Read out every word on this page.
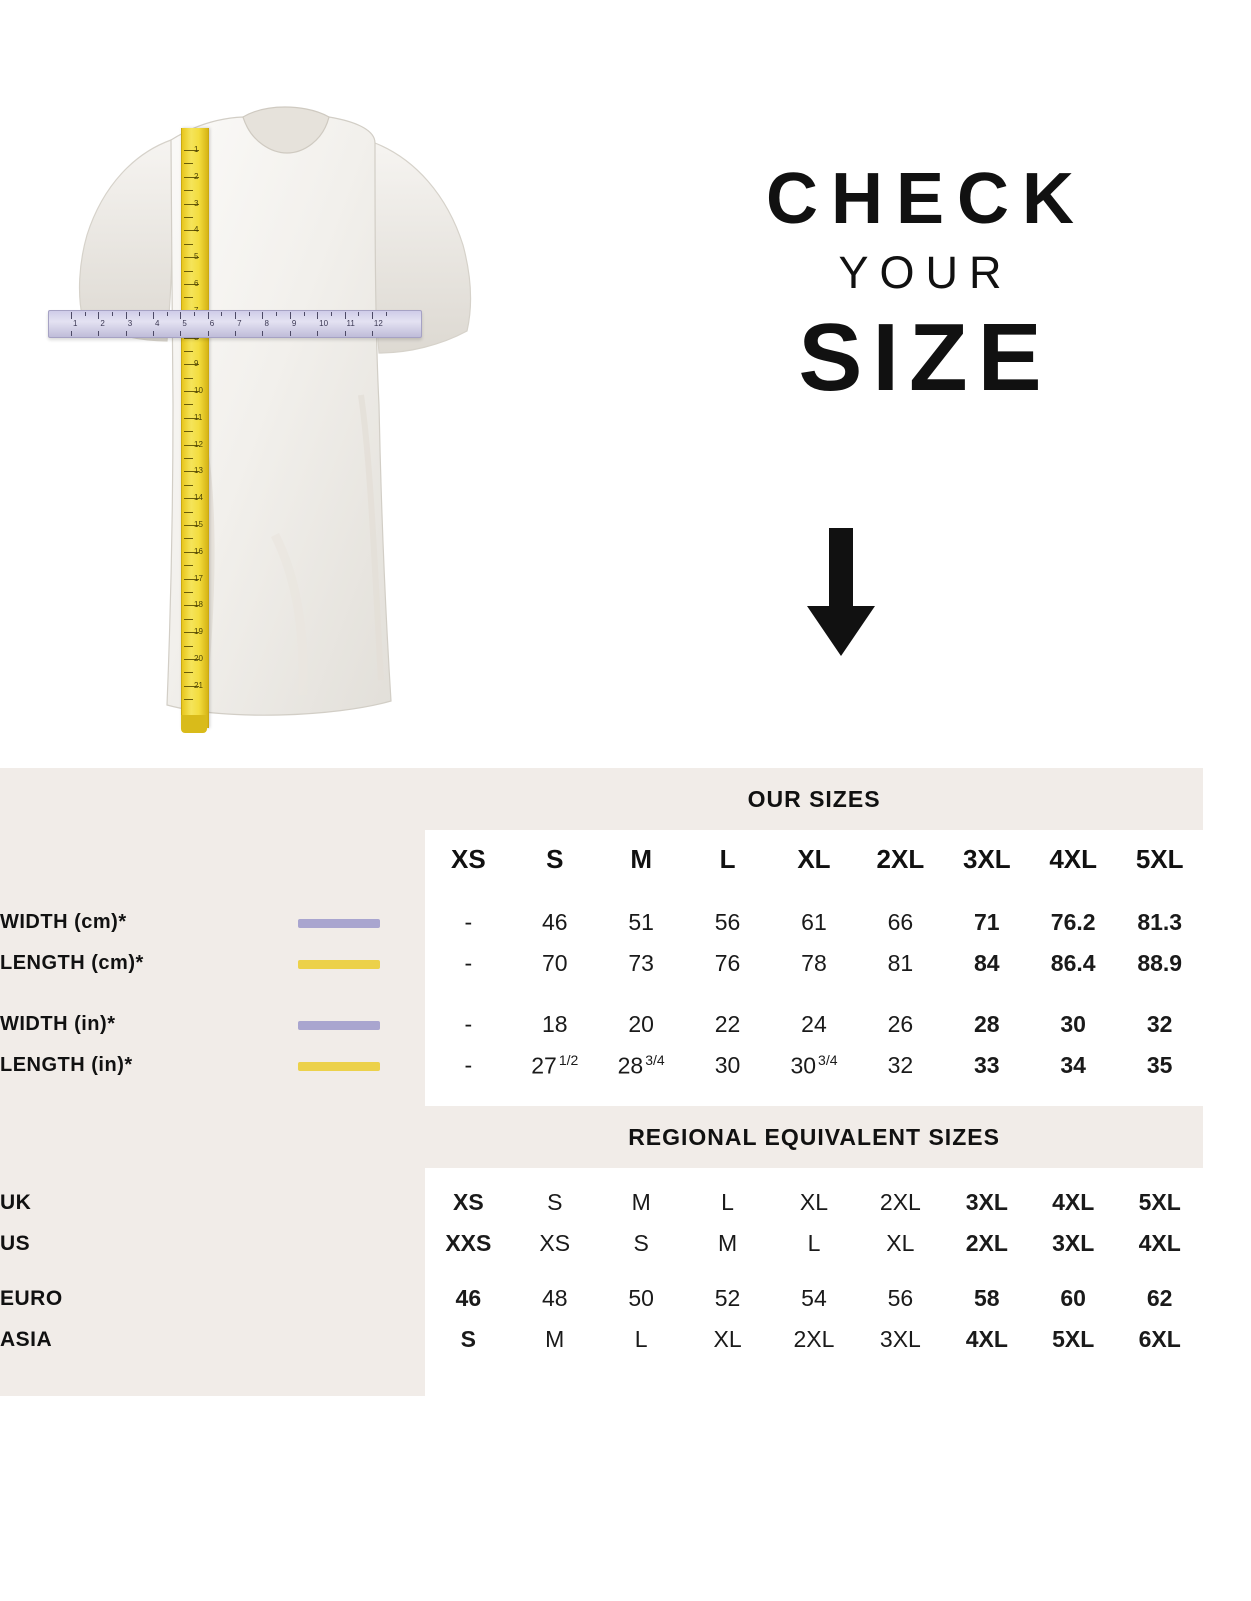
1
2
3
4
5
6
9
10
11
12
13
14
15
16
17
18
19
20
21
1	2	3	4	5	6	7	8	9	10 11 12
CHECK
YOUR
SIZE
	OUR SIZES								
	XS	S	M	L	XL	2XL	3XL	4XL	5XL

WIDTH (cm)*	-	46	51	56	61	66	71	76.2	81.3
LENGTH (cm)*	-	70	73	76	78	81	84	86.4	88.9

WIDTH (in)*	-	18	20	22	24	26	28	30	32
LENGTH (in)*	-	27 $^{1/2}$	28 $^{3/4}$	30	30 $^{3/4}$	32	33	34	35

	REGIONAL EQUIVALENT SIZES								

UK	XS	S	M	L	XL	2XL	3XL	4XL	5XL
US	XXS	XS	S	M	L	XL	2XL	3XL	4XL

EURO	46	48	50	52	54	56	58	60	62
ASIA	S	M	L	XL	2XL	3XL	4XL	5XL	6XL
